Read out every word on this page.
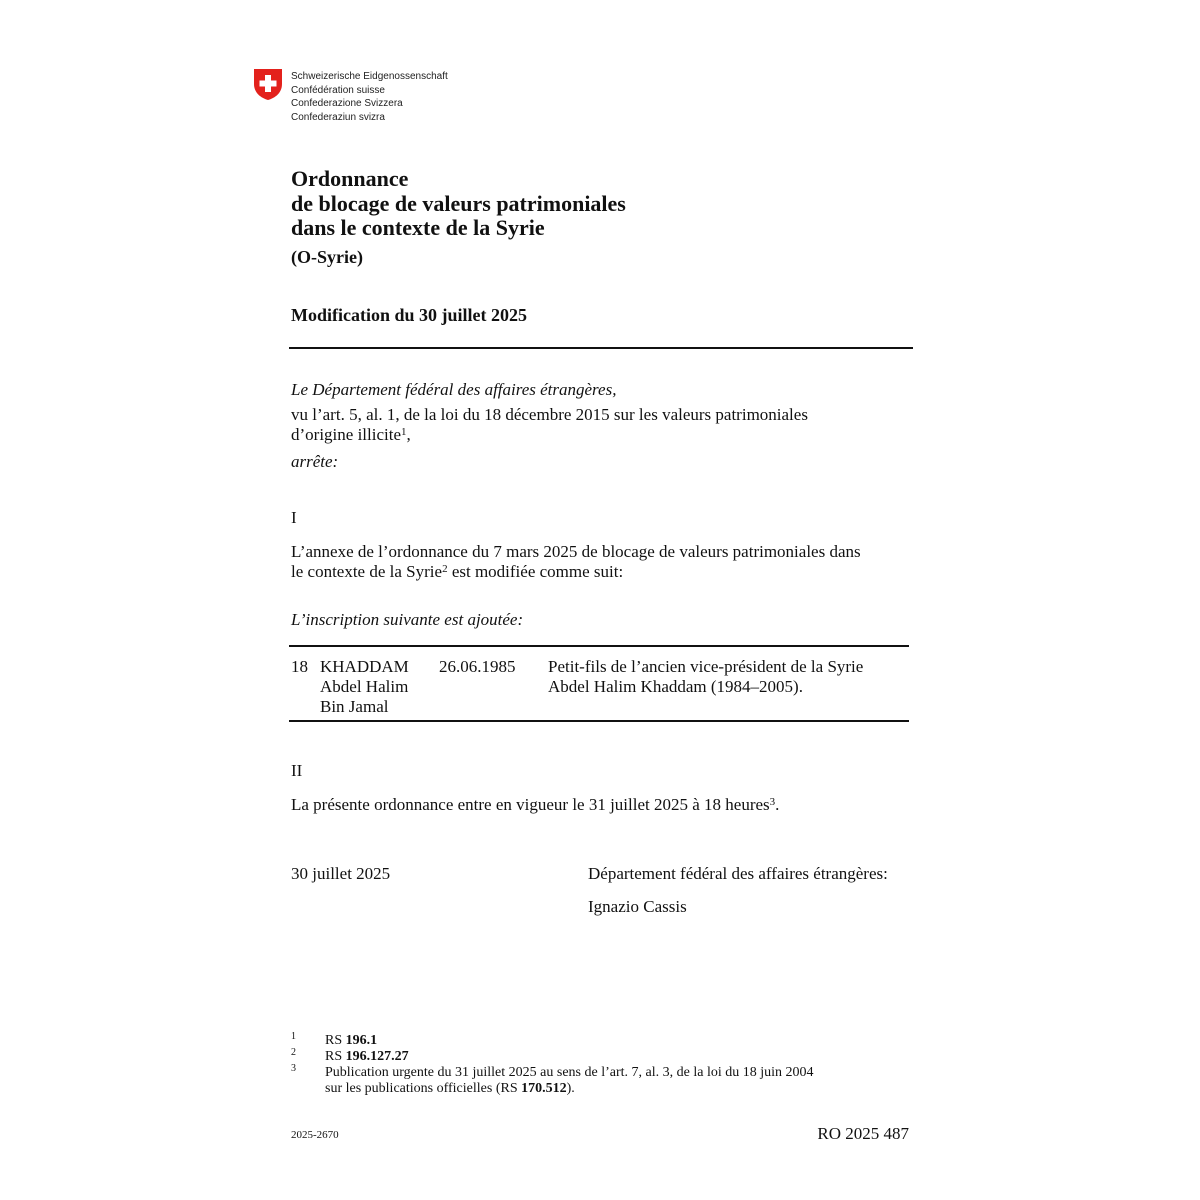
Schweizerische Eidgenossenschaft
Confédération suisse
Confederazione Svizzera
Confederaziun svizra
Ordonnance
de blocage de valeurs patrimoniales
dans le contexte de la Syrie
(O-Syrie)
Modification du 30 juillet 2025
Le Département fédéral des affaires étrangères,
vu l’art. 5, al. 1, de la loi du 18 décembre 2015 sur les valeurs patrimoniales
d’origine illicite$^1$,
arrête:
I
L’annexe de l’ordonnance du 7 mars 2025 de blocage de valeurs patrimoniales dans
le contexte de la Syrie$^2$ est modifiée comme suit:
L’inscription suivante est ajoutée:
18 KHADDAM
Abdel Halim
Bin Jamal
26.06.1985 Petit-fils de l’ancien vice-président de la Syrie
Abdel Halim Khaddam (1984–2005).
II
La présente ordonnance entre en vigueur le 31 juillet 2025 à 18 heures$^3$.
30 juillet 2025	Département fédéral des affaires étrangères:
Ignazio Cassis
1 RS 196.1
2 RS 196.127.27
3 Publication urgente du 31 juillet 2025 au sens de l’art. 7, al. 3, de la loi du 18 juin 2004
sur les publications officielles (RS 170.512).
2025-2670	RO 2025 487
